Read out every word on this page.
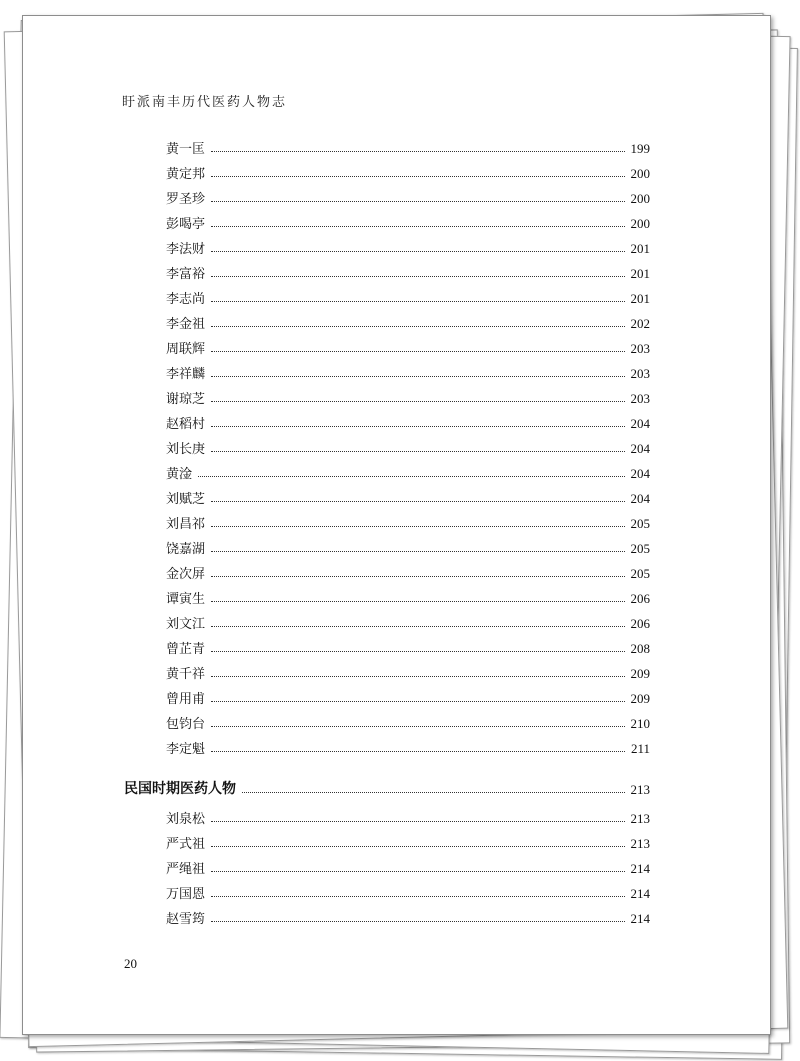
盱派南丰历代医药人物志
黄一匡	199
黄定邦	200
罗圣珍	200
彭喝亭	200
李法财	201
李富裕	201
李志尚	201
李金祖	202
周联辉	203
李祥麟	203
谢琼芝	203
赵稻村	204
刘长庚	204
黄淦	204
刘赋芝	204
刘昌祁	205
饶嘉湖	205
金次屏	205
谭寅生	206
刘文江	206
曾芷青	208
黄千祥	209
曾用甫	209
包钧台	210
李定魁	211
民国时期医药人物	213
刘泉松	213
严式祖	213
严绳祖	214
万国恩	214
赵雪筠	214
20
